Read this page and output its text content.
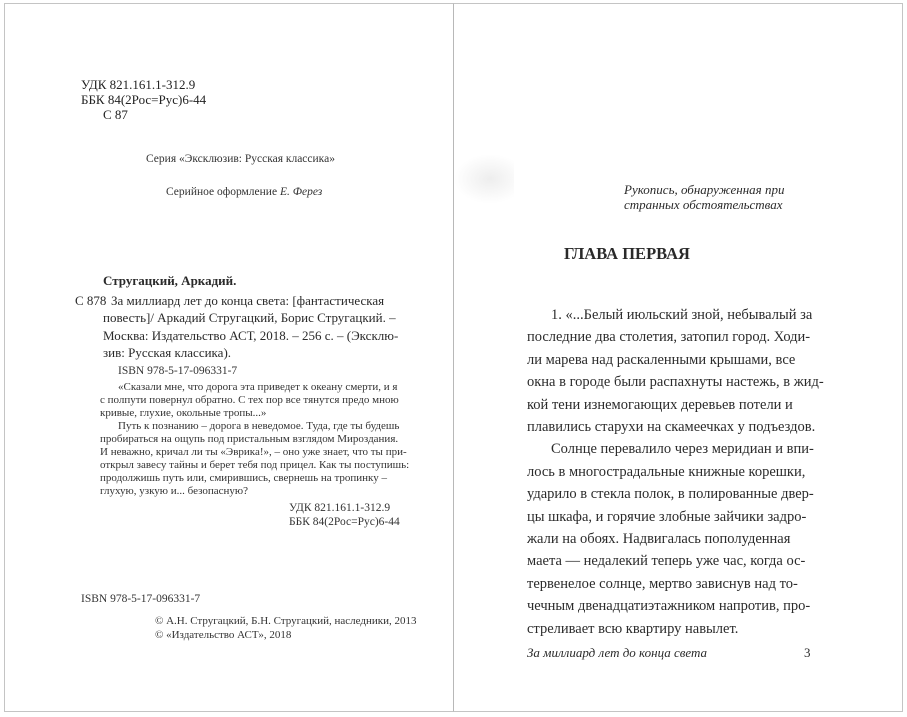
УДК 821.161.1-312.9
ББК 84(2Рос=Рус)6-44
С 87
Серия «Эксклюзив: Русская классика»
Серийное оформление Е. Ферез
Стругацкий, Аркадий.
С 878 За миллиард лет до конца света: [фантастическая
повесть]/ Аркадий Стругацкий, Борис Стругацкий. –
Москва: Издательство АСТ, 2018. – 256 с. – (Эксклю-
зив: Русская классика).
ISBN 978-5-17-096331-7
«Сказали мне, что дорога эта приведет к океану смерти, и я
с полпути повернул обратно. С тех пор все тянутся предо мною
кривые, глухие, окольные тропы...»
Путь к познанию – дорога в неведомое. Туда, где ты будешь
пробираться на ощупь под пристальным взглядом Мироздания.
И неважно, кричал ли ты «Эврика!», – оно уже знает, что ты при-
открыл завесу тайны и берет тебя под прицел. Как ты поступишь:
продолжишь путь или, смирившись, свернешь на тропинку –
глухую, узкую и... безопасную?
УДК 821.161.1-312.9
ББК 84(2Рос=Рус)6-44
ISBN 978-5-17-096331-7
© А.Н. Стругацкий, Б.Н. Стругацкий, наследники, 2013
© «Издательство АСТ», 2018
Рукопись, обнаруженная при
странных обстоятельствах
ГЛАВА ПЕРВАЯ
1. «...Белый июльский зной, небывалый за
последние два столетия, затопил город. Ходи-
ли марева над раскаленными крышами, все
окна в городе были распахнуты настежь, в жид-
кой тени изнемогающих деревьев потели и
плавились старухи на скамеечках у подъездов.
Солнце перевалило через меридиан и впи-
лось в многострадальные книжные корешки,
ударило в стекла полок, в полированные двер-
цы шкафа, и горячие злобные зайчики задро-
жали на обоях. Надвигалась пополуденная
маета — недалекий теперь уже час, когда ос-
тервенелое солнце, мертво зависнув над то-
чечным двенадцатиэтажником напротив, про-
стреливает всю квартиру навылет.
За миллиард лет до конца света	3
